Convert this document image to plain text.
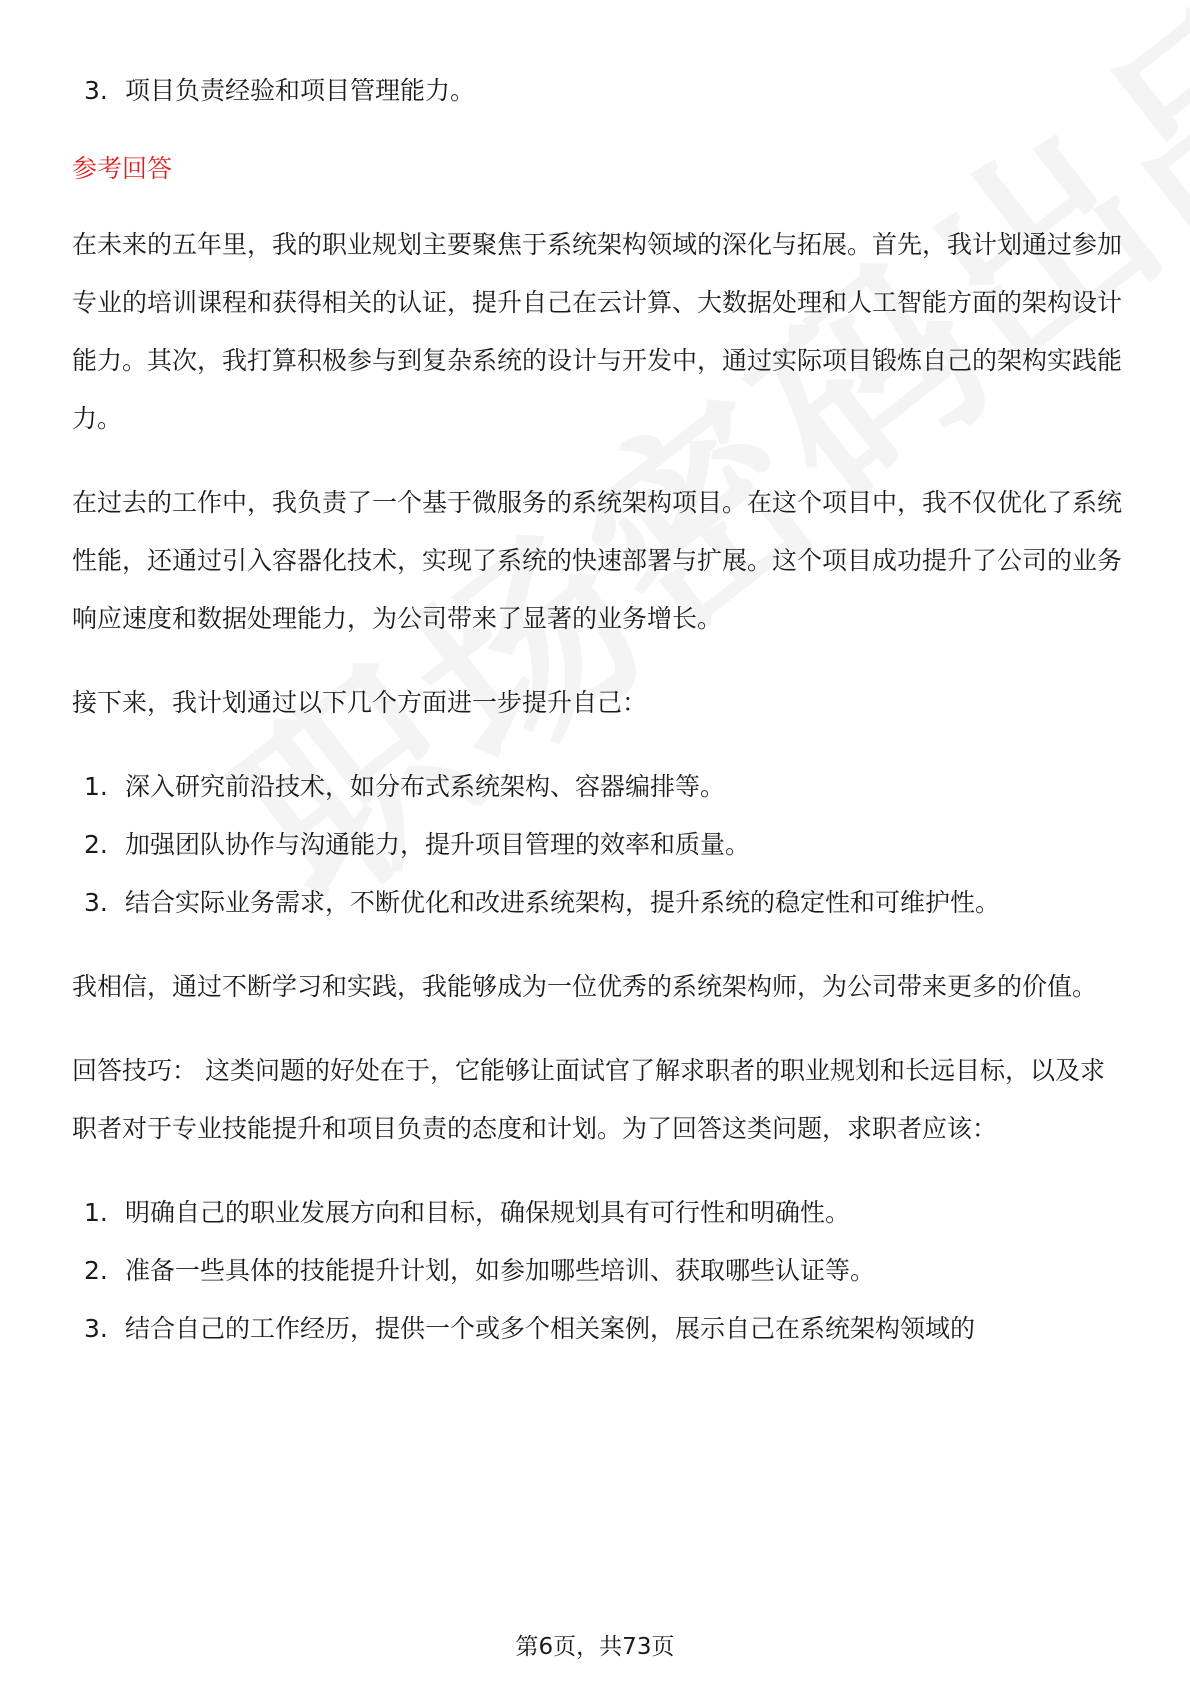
3. 项目负责经验和项目管理能力。
参考回答

在未来的五年里，我的职业规划主要聚焦于系统架构领域的深化与拓展。首先，我计划通过参加专业的培训课程和获得相关的认证，提升自己在云计算、大数据处理和人工智能方面的架构设计能力。其次，我打算积极参与到复杂系统的设计与开发中，通过实际项目锻炼自己的架构实践能力。

在过去的工作中，我负责了一个基于微服务的系统架构项目。在这个项目中，我不仅优化了系统性能，还通过引入容器化技术，实现了系统的快速部署与扩展。这个项目成功提升了公司的业务响应速度和数据处理能力，为公司带来了显著的业务增长。

接下来，我计划通过以下几个方面进一步提升自己：

1. 深入研究前沿技术，如分布式系统架构、容器编排等。
2. 加强团队协作与沟通能力，提升项目管理的效率和质量。
3. 结合实际业务需求，不断优化和改进系统架构，提升系统的稳定性和可维护性。

我相信，通过不断学习和实践，我能够成为一位优秀的系统架构师，为公司带来更多的价值。

回答技巧： 这类问题的好处在于，它能够让面试官了解求职者的职业规划和长远目标，以及求职者对于专业技能提升和项目负责的态度和计划。为了回答这类问题，求职者应该：

1. 明确自己的职业发展方向和目标，确保规划具有可行性和明确性。
2. 准备一些具体的技能提升计划，如参加哪些培训、获取哪些认证等。
3. 结合自己的工作经历，提供一个或多个相关案例，展示自己在系统架构领域的
第6页，共73页
